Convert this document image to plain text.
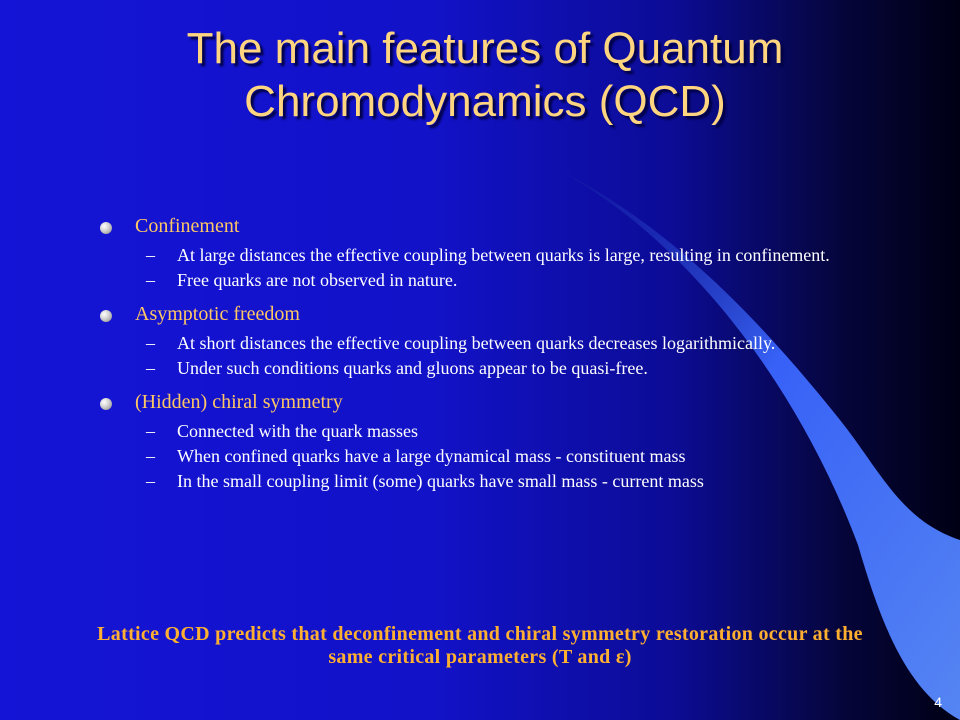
The main features of Quantum Chromodynamics (QCD)
Confinement
– At large distances the effective coupling between quarks is large, resulting in confinement.
– Free quarks are not observed in nature.
Asymptotic freedom
– At short distances the effective coupling between quarks decreases logarithmically.
– Under such conditions quarks and gluons appear to be quasi-free.
(Hidden) chiral symmetry
– Connected with the quark masses
– When confined quarks have a large dynamical mass - constituent mass
– In the small coupling limit (some) quarks have small mass - current mass
Lattice QCD predicts that deconfinement and chiral symmetry restoration occur at the same critical parameters (T and ε)
4
